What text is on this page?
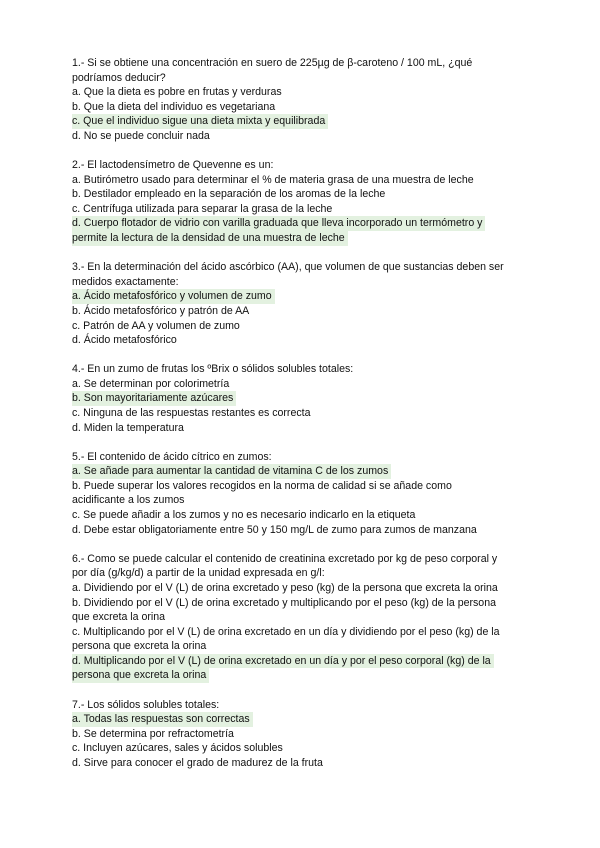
1.- Si se obtiene una concentración en suero de 225µg de β-caroteno / 100 mL, ¿qué
podríamos deducir?
a. Que la dieta es pobre en frutas y verduras
b. Que la dieta del individuo es vegetariana
c. Que el individuo sigue una dieta mixta y equilibrada
d. No se puede concluir nada
2.- El lactodensímetro de Quevenne es un:
a. Butirómetro usado para determinar el % de materia grasa de una muestra de leche
b. Destilador empleado en la separación de los aromas de la leche
c. Centrífuga utilizada para separar la grasa de la leche
d. Cuerpo flotador de vidrio con varilla graduada que lleva incorporado un termómetro y
permite la lectura de la densidad de una muestra de leche
3.- En la determinación del ácido ascórbico (AA), que volumen de que sustancias deben ser
medidos exactamente:
a. Ácido metafosfórico y volumen de zumo
b. Ácido metafosfórico y patrón de AA
c. Patrón de AA y volumen de zumo
d. Ácido metafosfórico
4.- En un zumo de frutas los ºBrix o sólidos solubles totales:
a. Se determinan por colorimetría
b. Son mayoritariamente azúcares
c. Ninguna de las respuestas restantes es correcta
d. Miden la temperatura
5.- El contenido de ácido cítrico en zumos:
a. Se añade para aumentar la cantidad de vitamina C de los zumos
b. Puede superar los valores recogidos en la norma de calidad si se añade como
acidificante a los zumos
c. Se puede añadir a los zumos y no es necesario indicarlo en la etiqueta
d. Debe estar obligatoriamente entre 50 y 150 mg/L de zumo para zumos de manzana
6.- Como se puede calcular el contenido de creatinina excretado por kg de peso corporal y
por día (g/kg/d) a partir de la unidad expresada en g/l:
a. Dividiendo por el V (L) de orina excretado y peso (kg) de la persona que excreta la orina
b. Dividiendo por el V (L) de orina excretado y multiplicando por el peso (kg) de la persona
que excreta la orina
c. Multiplicando por el V (L) de orina excretado en un día y dividiendo por el peso (kg) de la
persona que excreta la orina
d. Multiplicando por el V (L) de orina excretado en un día y por el peso corporal (kg) de la
persona que excreta la orina
7.- Los sólidos solubles totales:
a. Todas las respuestas son correctas
b. Se determina por refractometría
c. Incluyen azúcares, sales y ácidos solubles
d. Sirve para conocer el grado de madurez de la fruta
